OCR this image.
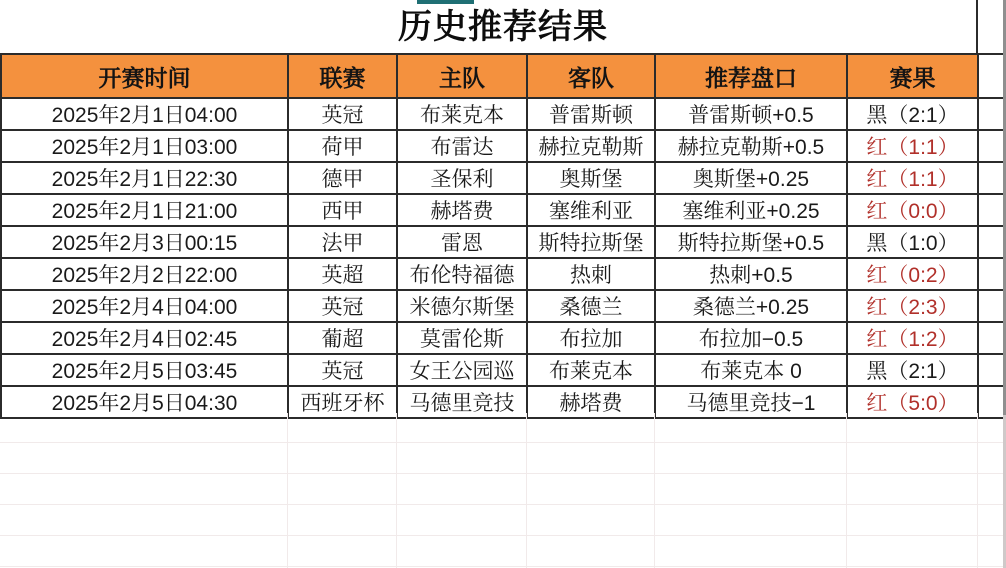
历史推荐结果
开赛时间	联赛	主队	客队	推荐盘口	赛果	
2025年2月1日04:00	英冠	布莱克本	普雷斯顿	普雷斯顿+0.5	黑（2:1）	
2025年2月1日03:00	荷甲	布雷达	赫拉克勒斯	赫拉克勒斯+0.5	红（1:1）	
2025年2月1日22:30	德甲	圣保利	奥斯堡	奥斯堡+0.25	红（1:1）	
2025年2月1日21:00	西甲	赫塔费	塞维利亚	塞维利亚+0.25	红（0:0）	
2025年2月3日00:15	法甲	雷恩	斯特拉斯堡	斯特拉斯堡+0.5	黑（1:0）	
2025年2月2日22:00	英超	布伦特福德	热刺	热刺+0.5	红（0:2）	
2025年2月4日04:00	英冠	米德尔斯堡	桑德兰	桑德兰+0.25	红（2:3）	
2025年2月4日02:45	葡超	莫雷伦斯	布拉加	布拉加−0.5	红（1:2）	
2025年2月5日03:45	英冠	女王公园巡	布莱克本	布莱克本 0	黑（2:1）	
2025年2月5日04:30	西班牙杯	马德里竞技	赫塔费	马德里竞技−1	红（5:0）	
